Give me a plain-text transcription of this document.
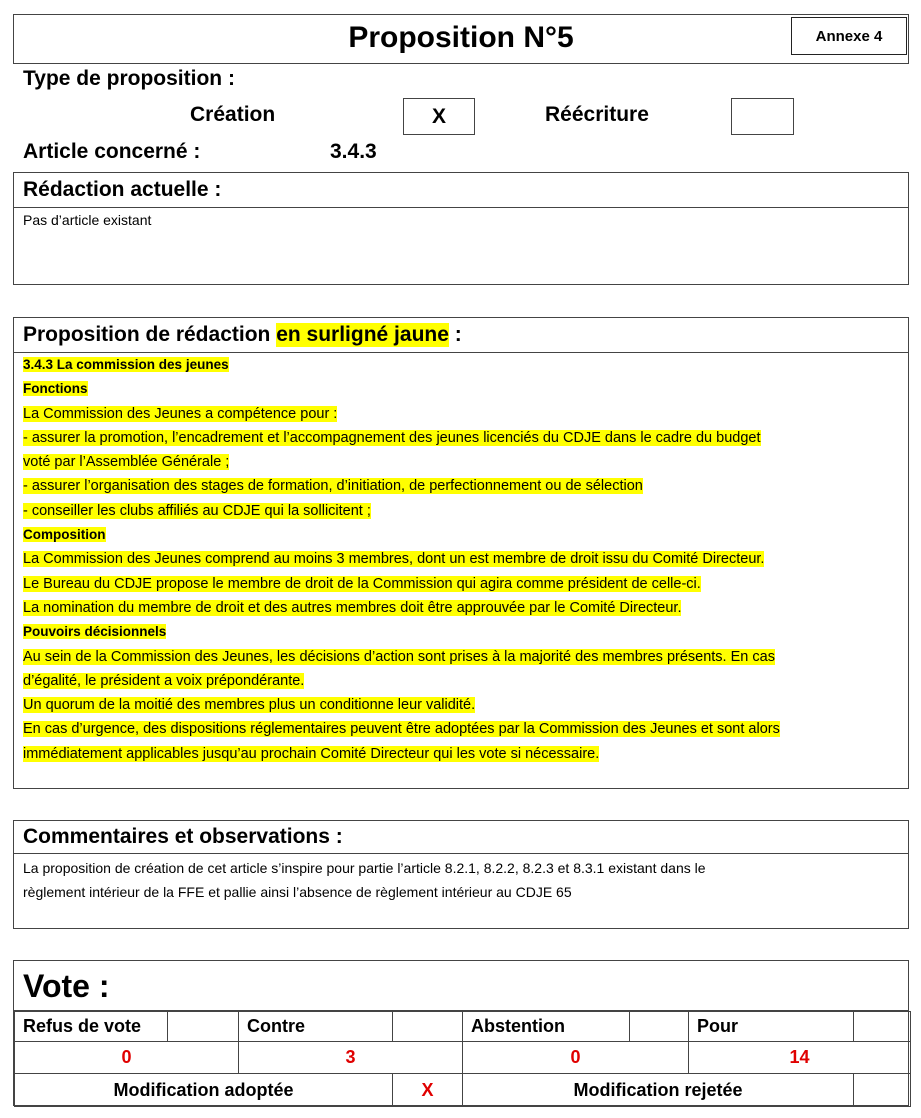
Proposition N°5	Annexe 4
Type de proposition :
Création	X	Réécriture
Article concerné :	3.4.3
Rédaction actuelle :
Pas d’article existant
Proposition de rédaction en surligné jaune :
3.4.3 La commission des jeunes
Fonctions
La Commission des Jeunes a compétence pour :
- assurer la promotion, l’encadrement et l’accompagnement des jeunes licenciés du CDJE dans le cadre du budget
voté par l’Assemblée Générale ;
- assurer l’organisation des stages de formation, d’initiation, de perfectionnement ou de sélection
- conseiller les clubs affiliés au CDJE qui la sollicitent ;
Composition
La Commission des Jeunes comprend au moins 3 membres, dont un est membre de droit issu du Comité Directeur.
Le Bureau du CDJE propose le membre de droit de la Commission qui agira comme président de celle-ci.
La nomination du membre de droit et des autres membres doit être approuvée par le Comité Directeur.
Pouvoirs décisionnels
Au sein de la Commission des Jeunes, les décisions d’action sont prises à la majorité des membres présents. En cas
d’égalité, le président a voix prépondérante.
Un quorum de la moitié des membres plus un conditionne leur validité.
En cas d’urgence, des dispositions réglementaires peuvent être adoptées par la Commission des Jeunes et sont alors
immédiatement applicables jusqu’au prochain Comité Directeur qui les vote si nécessaire.
Commentaires et observations :
La proposition de création de cet article s’inspire pour partie l’article 8.2.1, 8.2.2, 8.2.3 et 8.3.1 existant dans le
règlement intérieur de la FFE et pallie ainsi l’absence de règlement intérieur au CDJE 65
Vote :
Refus de vote		Contre		Abstention		Pour	
0		3		0		14	
Modification adoptée			X	Modification rejetée			
